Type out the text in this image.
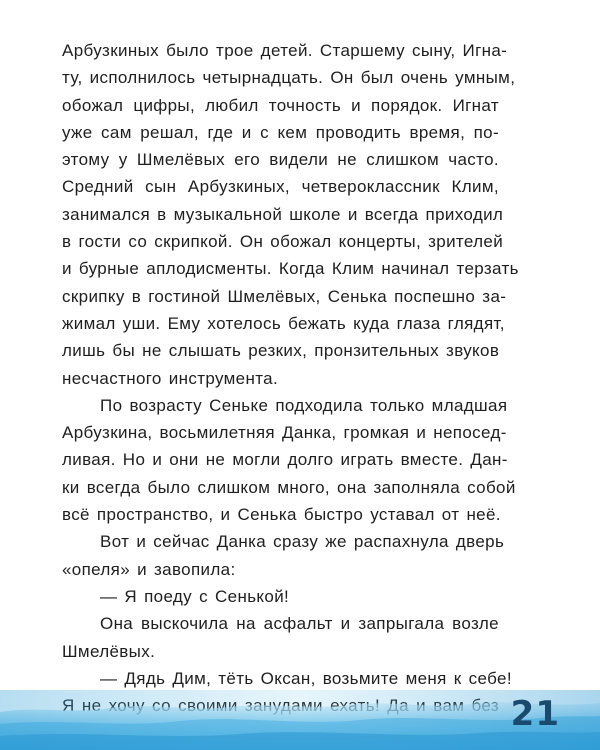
Арбузкиных было трое детей. Старшему сыну, Игна-
ту, исполнилось четырнадцать. Он был очень умным,
обожал цифры, любил точность и порядок. Игнат
уже сам решал, где и с кем проводить время, по-
этому у Шмелёвых его видели не слишком часто.
Средний сын Арбузкиных, четвероклассник Клим,
занимался в музыкальной школе и всегда приходил
в гости со скрипкой. Он обожал концерты, зрителей
и бурные аплодисменты. Когда Клим начинал терзать
скрипку в гостиной Шмелёвых, Сенька поспешно за-
жимал уши. Ему хотелось бежать куда глаза глядят,
лишь бы не слышать резких, пронзительных звуков
несчастного инструмента.
По возрасту Сеньке подходила только младшая
Арбузкина, восьмилетняя Данка, громкая и непосед-
ливая. Но и они не могли долго играть вместе. Дан-
ки всегда было слишком много, она заполняла собой
всё пространство, и Сенька быстро уставал от неё.
Вот и сейчас Данка сразу же распахнула дверь
«опеля» и завопила:
— Я поеду с Сенькой!
Она выскочила на асфальт и запрыгала возле
Шмелёвых.
— Дядь Дим, тёть Оксан, возьмите меня к себе!
21
